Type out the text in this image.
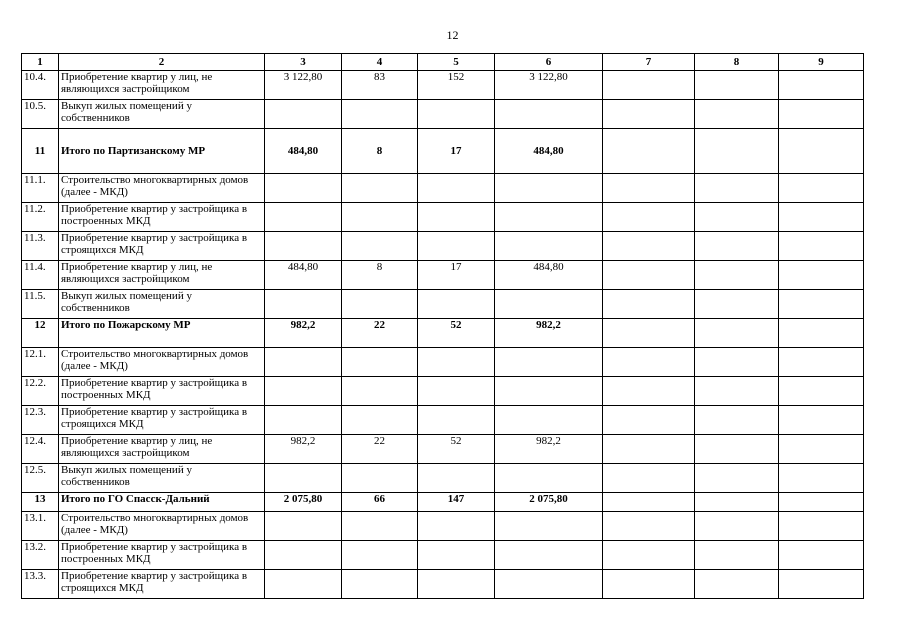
12
1	2	3	4	5	6	7	8	9
10.4.	Приобретение квартир у лиц, не являющихся застройщиком	3 122,80	83	152	3 122,80			
10.5.	Выкуп жилых помещений у собственников							
11	Итого по Партизанскому МР	484,80	8	17	484,80			
11.1.	Строительство многоквартирных домов (далее - МКД)							
11.2.	Приобретение квартир у застройщика в построенных МКД							
11.3.	Приобретение квартир у застройщика в строящихся МКД							
11.4.	Приобретение квартир у лиц, не являющихся застройщиком	484,80	8	17	484,80			
11.5.	Выкуп жилых помещений у собственников							
12	Итого по Пожарскому МР	982,2	22	52	982,2			
12.1.	Строительство многоквартирных домов (далее - МКД)							
12.2.	Приобретение квартир у застройщика в построенных МКД							
12.3.	Приобретение квартир у застройщика в строящихся МКД							
12.4.	Приобретение квартир у лиц, не являющихся застройщиком	982,2	22	52	982,2			
12.5.	Выкуп жилых помещений у собственников							
13	Итого по ГО Спасск-Дальний	2 075,80	66	147	2 075,80			
13.1.	Строительство многоквартирных домов (далее - МКД)							
13.2.	Приобретение квартир у застройщика в построенных МКД							
13.3.	Приобретение квартир у застройщика в строящихся МКД							
